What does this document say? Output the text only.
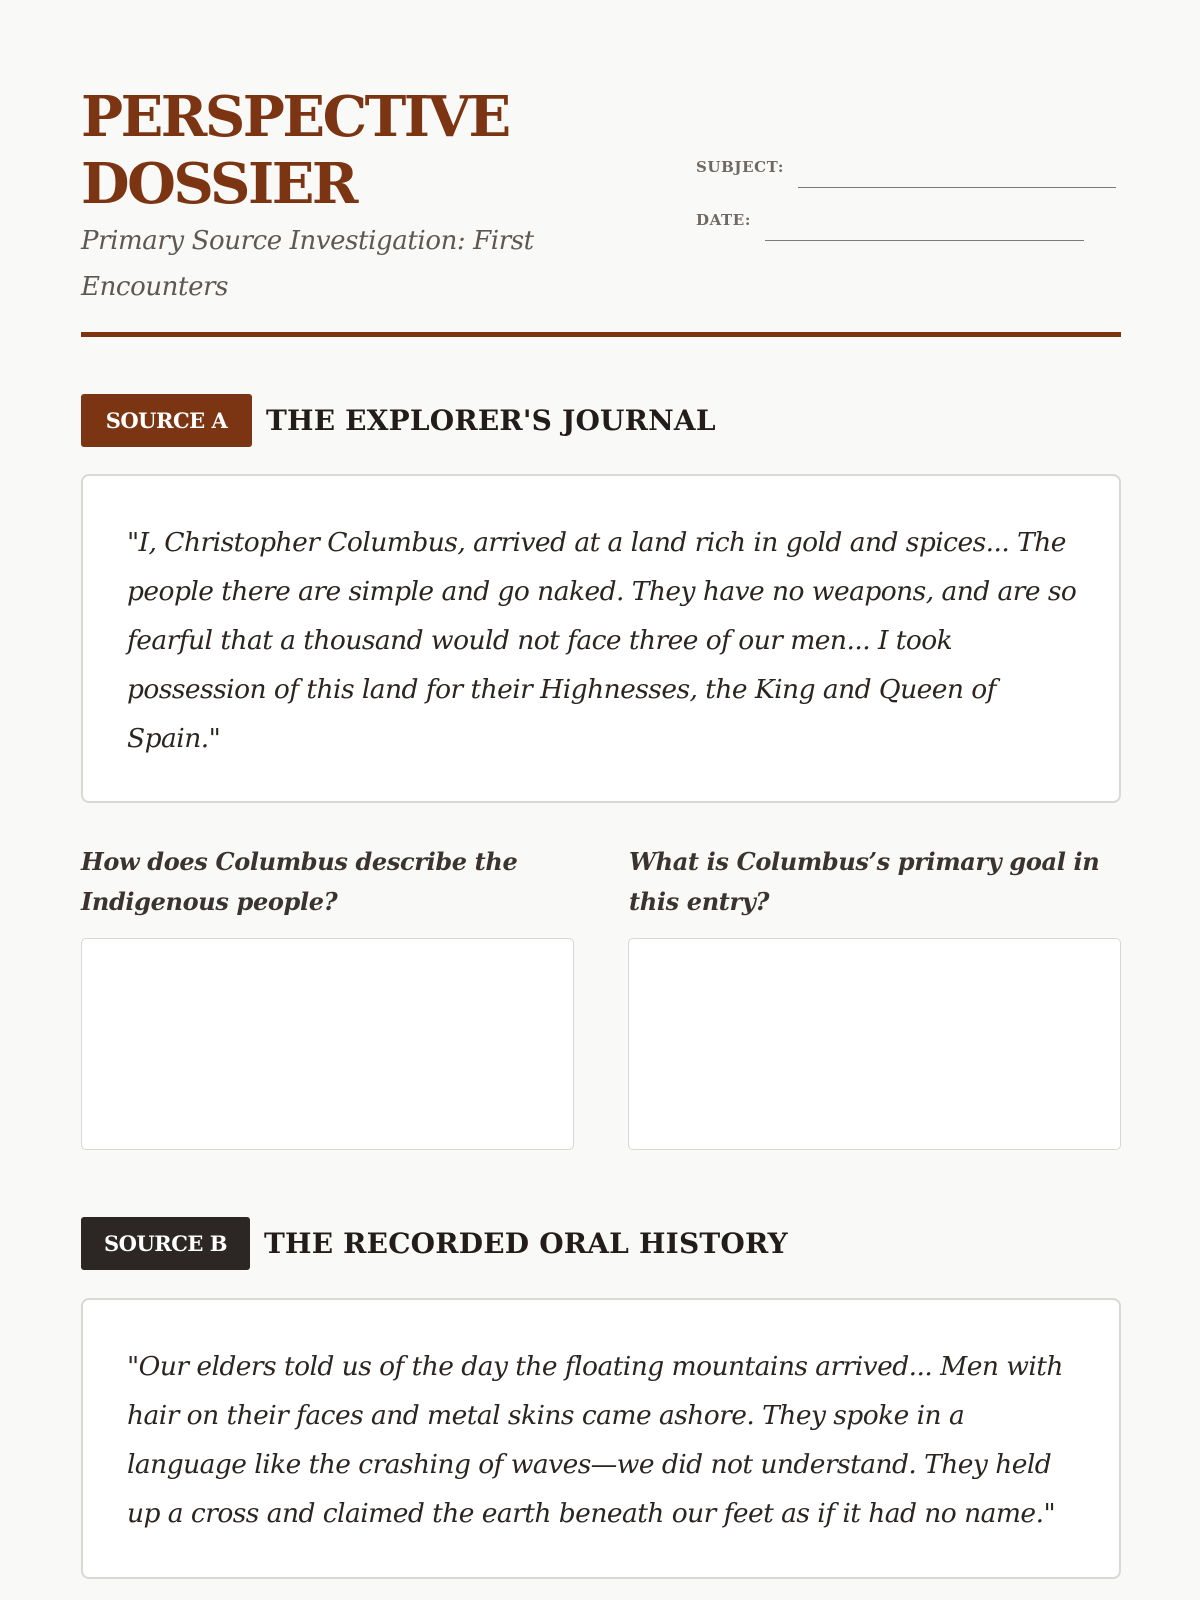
PERSPECTIVE DOSSIER

Primary Source Investigation: First Encounters

SUBJECT:
DATE:
SOURCE A	THE EXPLORER'S JOURNAL
"I, Christopher Columbus, arrived at a land rich in gold and spices... The people there are simple and go naked. They have no weapons, and are so fearful that a thousand would not face three of our men... I took possession of this land for their Highnesses, the King and Queen of Spain."

How does Columbus describe the Indigenous people?

What is Columbus’s primary goal in this entry?

SOURCE B	THE RECORDED ORAL HISTORY
"Our elders told us of the day the floating mountains arrived... Men with hair on their faces and metal skins came ashore. They spoke in a language like the crashing of waves—we did not understand. They held up a cross and claimed the earth beneath our feet as if it had no name."
